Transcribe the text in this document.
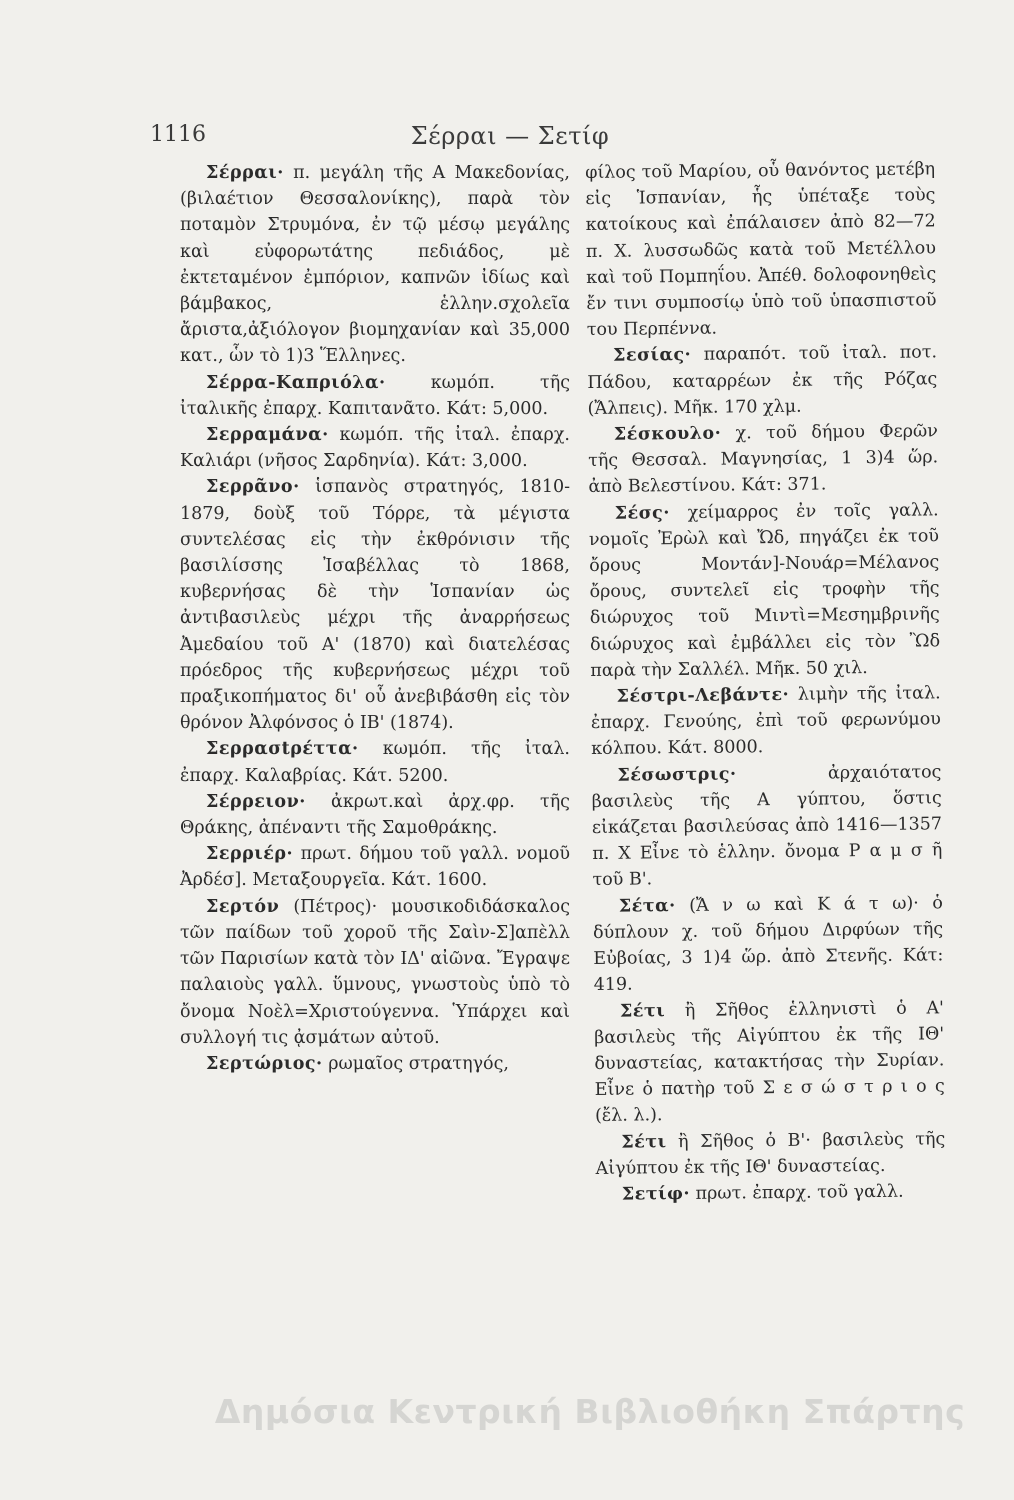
1116	Σέρραι — Σετίφ

Σέρραι· π. μεγάλη τῆς Α Μακεδονίας, (βιλαέτιον Θεσσαλονίκης), παρὰ τὸν ποταμὸν Στρυμόνα, ἐν τῷ μέσῳ μεγάλης καὶ εὐφορωτάτης πεδιάδος, μὲ ἐκτεταμένον ἐμπόριον, καπνῶν ἰδίως καὶ βάμβακος, ἑλλην.σχολεῖα ἄριστα,ἀξιόλογον βιομηχανίαν καὶ 35,000 κατ., ὧν τὸ 1)3 Ἕλληνες.

Σέρρα-Καπριόλα· κωμόπ. τῆς ἰταλικῆς ἐπαρχ. Καπιτανᾶτο. Κάτ: 5,000.

Σερραμάνα· κωμόπ. τῆς ἰταλ. ἐπαρχ. Καλιάρι (νῆσος Σαρδηνία). Κάτ: 3,000.

Σερρᾶνο· ἱσπανὸς στρατηγός, 1810-1879, δοὺξ τοῦ Τόρρε, τὰ μέγιστα συντελέσας εἰς τὴν ἐκθρόνισιν τῆς βασιλίσσης Ἰσαβέλλας τὸ 1868, κυβερνήσας δὲ τὴν Ἱσπανίαν ὡς ἀντιβασιλεὺς μέχρι τῆς ἀναρρήσεως Ἀμεδαίου τοῦ Α' (1870) καὶ διατελέσας πρόεδρος τῆς κυβερνήσεως μέχρι τοῦ πραξικοπήματος δι' οὗ ἀνεβιβάσθη εἰς τὸν θρόνον Ἀλφόνσος ὁ ΙΒ' (1874).

Σερρασtρέττα· κωμόπ. τῆς ἰταλ. ἐπαρχ. Καλαβρίας. Κάτ. 5200.

Σέρρειον· ἀκρωτ.καὶ ἀρχ.φρ. τῆς Θράκης, ἀπέναντι τῆς Σαμοθράκης.

Σερριέρ· πρωτ. δήμου τοῦ γαλλ. νομοῦ Ἀρδέσ]. Μεταξουργεῖα. Κάτ. 1600.

Σερτόν (Πέτρος)· μουσικοδιδάσκαλος τῶν παίδων τοῦ χοροῦ τῆς Σαὶν-Σ]απὲλλ τῶν Παρισίων κατὰ τὸν ΙΔ' αἰῶνα. Ἔγραψε παλαιοὺς γαλλ. ὕμνους, γνωστοὺς ὑπὸ τὸ ὄνομα Νοὲλ=Χριστούγεννα. Ὑπάρχει καὶ συλλογή τις ᾀσμάτων αὐτοῦ.

Σερτώριος· ρωμαῖος στρατηγός,

φίλος τοῦ Μαρίου, οὗ θανόντος μετέβη εἰς Ἱσπανίαν, ἧς ὑπέταξε τοὺς κατοίκους καὶ ἐπάλαισεν ἀπὸ 82—72 π. Χ. λυσσωδῶς κατὰ τοῦ Μετέλλου καὶ τοῦ Πομπηΐου. Ἀπέθ. δολοφονηθεὶς ἔν τινι συμποσίῳ ὑπὸ τοῦ ὑπασπιστοῦ του Περπέννα.

Σεσίας· παραπότ. τοῦ ἰταλ. ποτ. Πάδου, καταρρέων ἐκ τῆς Ρόζας (Ἄλπεις). Μῆκ. 170 χλμ.

Σέσκουλο· χ. τοῦ δήμου Φερῶν τῆς Θεσσαλ. Μαγνησίας, 1 3)4 ὥρ. ἀπὸ Βελεστίνου. Κάτ: 371.

Σέσς· χείμαρρος ἐν τοῖς γαλλ. νομοῖς Ἐρὼλ καὶ Ὤδ, πηγάζει ἐκ τοῦ ὄρους Μοντάν]-Νουάρ=Μέλανος ὄρους, συντελεῖ εἰς τροφὴν τῆς διώρυχος τοῦ Μιντὶ=Μεσημβρινῆς διώρυχος καὶ ἐμβάλλει εἰς τὸν Ὢδ παρὰ τὴν Σαλλέλ. Μῆκ. 50 χιλ.

Σέστρι-Λεβάντε· λιμὴν τῆς ἰταλ. ἐπαρχ. Γενούης, ἐπὶ τοῦ φερωνύμου κόλπου. Κάτ. 8000.

Σέσωστρις· ἀρχαιότατος βασιλεὺς τῆς Α γύπτου, ὅστις εἰκάζεται βασιλεύσας ἀπὸ 1416—1357 π. Χ Εἶνε τὸ ἑλλην. ὄνομα Ρ α μ σ ῆ τοῦ Β'.

Σέτα· (Ἄ ν ω καὶ Κ ά τ ω)· ὁ δύπλουν χ. τοῦ δήμου Διρφύων τῆς Εὐβοίας, 3 1)4 ὥρ. ἀπὸ Στενῆς. Κάτ: 419.

Σέτι ἢ Σῆθος ἑλληνιστὶ ὁ Α' βασιλεὺς τῆς Αἰγύπτου ἐκ τῆς ΙΘ' δυναστείας, κατακτήσας τὴν Συρίαν. Εἶνε ὁ πατὴρ τοῦ Σ ε σ ώ σ τ ρ ι ο ς (ἔλ. λ.).

Σέτι ἢ Σῆθος ὁ Β'· βασιλεὺς τῆς Αἰγύπτου ἐκ τῆς ΙΘ' δυναστείας.

Σετίφ· πρωτ. ἐπαρχ. τοῦ γαλλ.

Δημόσια Κεντρική Βιβλιοθήκη Σπάρτης
